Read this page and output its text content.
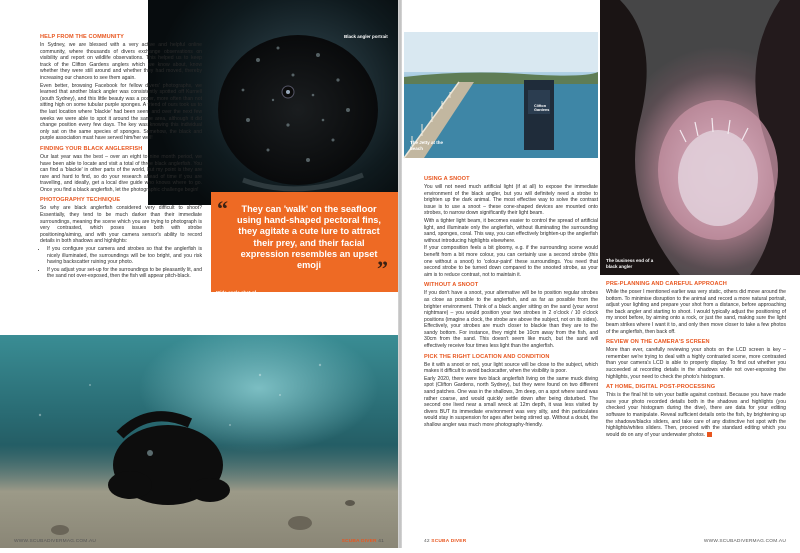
Black angler portrait
HELP FROM THE COMMUNITY

In Sydney, we are blessed with a very active and helpful online community, where thousands of divers exchange observations on visibility and report on wildlife observations. This helped us to keep track of the Clifton Gardens anglers which we know about, know whether they were still around and whether they had moved, thereby increasing our chances to see them again.

Even better, browsing Facebook for fellow divers' photographs, we learned that another black angler was consistently spotted off Kurnell (south Sydney), and this little beauty was a poser, more often than not sitting high on some tubular purple sponges. A friend of ours took us to the last location where 'blackie' had been seen, and over the next few weeks we were able to spot it around the same area, although it did change position every few days. The key was knowing this individual only sat on the same species of sponges. Somehow, the black and purple association must have served him/her well!

FINDING YOUR BLACK ANGLERFISH

Our last year was the best – over an eight to nine month period, we have been able to locate and visit a total of three black anglerfish. You can find a 'blackie' in other parts of the world, but my point is they are rare and hard to find, so do your research ahead of time if you are travelling, and ideally, get a local dive guide who knows where to go. Once you find a black anglerfish, let the photographic challenge begin!

PHOTOGRAPHY TECHNIQUE

So why are black anglerfish considered very difficult to shoot? Essentially, they tend to be much darker than their immediate surroundings, meaning the scene which you are trying to photograph is very contrasted, which poses issues both with strobe positioning/aiming, and with your camera sensor's ability to record details in both shadows and highlights:

• If you configure your camera and strobes so that the anglerfish is nicely illuminated, the surroundings will be too bright, and you risk having backscatter ruining your photo.
• If you adjust your set-up for the surroundings to be pleasantly lit, and the sand not over-exposed, then the fish will appear pitch-black.
“	They can 'walk' on the seafloor using hand-shaped pectoral fins, they agitate a cute lure to attract their prey, and their facial expression resembles an upset emoji	”
Wide angle shot of a black angler on the sand
WWW.SCUBADIVERMAG.COM.AU	SCUBA DIVER 41
Clifton Gardens
The Jetty at the beach
The business end of a black angler
USING A SNOOT

You will not need much artificial light (if at all) to expose the immediate environment of the black angler, but you will definitely need a strobe to brighten up the dark animal. The most effective way to solve the contrast issue is to use a snoot – these cone-shaped devices are mounted onto strobes, to narrow down significantly their light beam.

With a tighter light beam, it becomes easier to control the spread of artificial light, and illuminate only the anglerfish, without illuminating the surrounding sand, sponges, coral. This way, you can effectively brighten-up the anglerfish without introducing highlights elsewhere.

If your composition feels a bit gloomy, e.g. if the surrounding scene would benefit from a bit more colour, you can certainly use a second strobe (this one without a snoot) to 'colour-paint' these surroundings. You need that second strobe to be turned down compared to the snooted strobe, as your aim is to reduce contrast, not to maintain it.

WITHOUT A SNOOT

If you don't have a snoot, your alternative will be to position regular strobes as close as possible to the anglerfish, and as far as possible from the brighter environment. Think of a black angler sitting on the sand (your worst nightmare) – you would position your two strobes in 2 o'clock / 10 o'clock positions (imagine a clock, the strobe are above the subject, not on its sides). Effectively, your strobes are much closer to blackie than they are to the sandy bottom. For instance, they might be 10cm away from the fish, and 30cm from the sand. This doesn't seem like much, but the sand will effectively receive four times less light than the anglerfish.

PICK THE RIGHT LOCATION AND CONDITION

Be it with a snoot or not, your light source will be close to the subject, which makes it difficult to avoid backscatter, when the visibility is poor.

Early 2020, there were two black anglerfish living on the same muck diving spot (Clifton Gardens, north Sydney), but they were found on two different sand patches. One was in the shallows, 3m deep, on a spot where sand was rather coarse, and would quickly settle down after being disturbed. The second one lived near a small wreck at 12m depth, it was less visited by divers BUT its immediate environment was very silty, and thin particulates would stay in suspension for ages after being stirred up. Without a doubt, the shallow angler was much more photography-friendly.

PRE-PLANNING AND CAREFUL APPROACH

While the poser I mentioned earlier was very static, others did move around the bottom. To minimise disruption to the animal and record a more natural portrait, adjust your lighting and prepare your shot from a distance, before approaching the back angler and starting to shoot. I would typically adjust the positioning of my snoot before, by aiming onto a rock, or just the sand, making sure the light beam strikes where I want it to, and only then move closer to take a few photos of the anglerfish, then back off.

REVIEW ON THE CAMERA'S SCREEN

More than ever, carefully reviewing your shots on the LCD screen is key – remember we're trying to deal with a highly contrasted scene, more contrasted than your camera's LCD is able to properly display. To find out whether you succeeded at recording details in the shadows while not over-exposing the highlights, your need to check the photo's histogram.

AT HOME, DIGITAL POST-PROCESSING

This is the final hit to win your battle against contrast. Because you have made sure your photo recorded details both in the shadows and highlights (you checked your histogram during the dive), there are data for your editing software to manipulate. Reveal sufficient details onto the fish, by brightening up the shadows/blacks sliders, and take care of any distinctive hot spot with the highlights/whites sliders. Then, proceed with the standard editing which you would do on any of your underwater photos.

42 SCUBA DIVER	WWW.SCUBADIVERMAG.COM.AU
